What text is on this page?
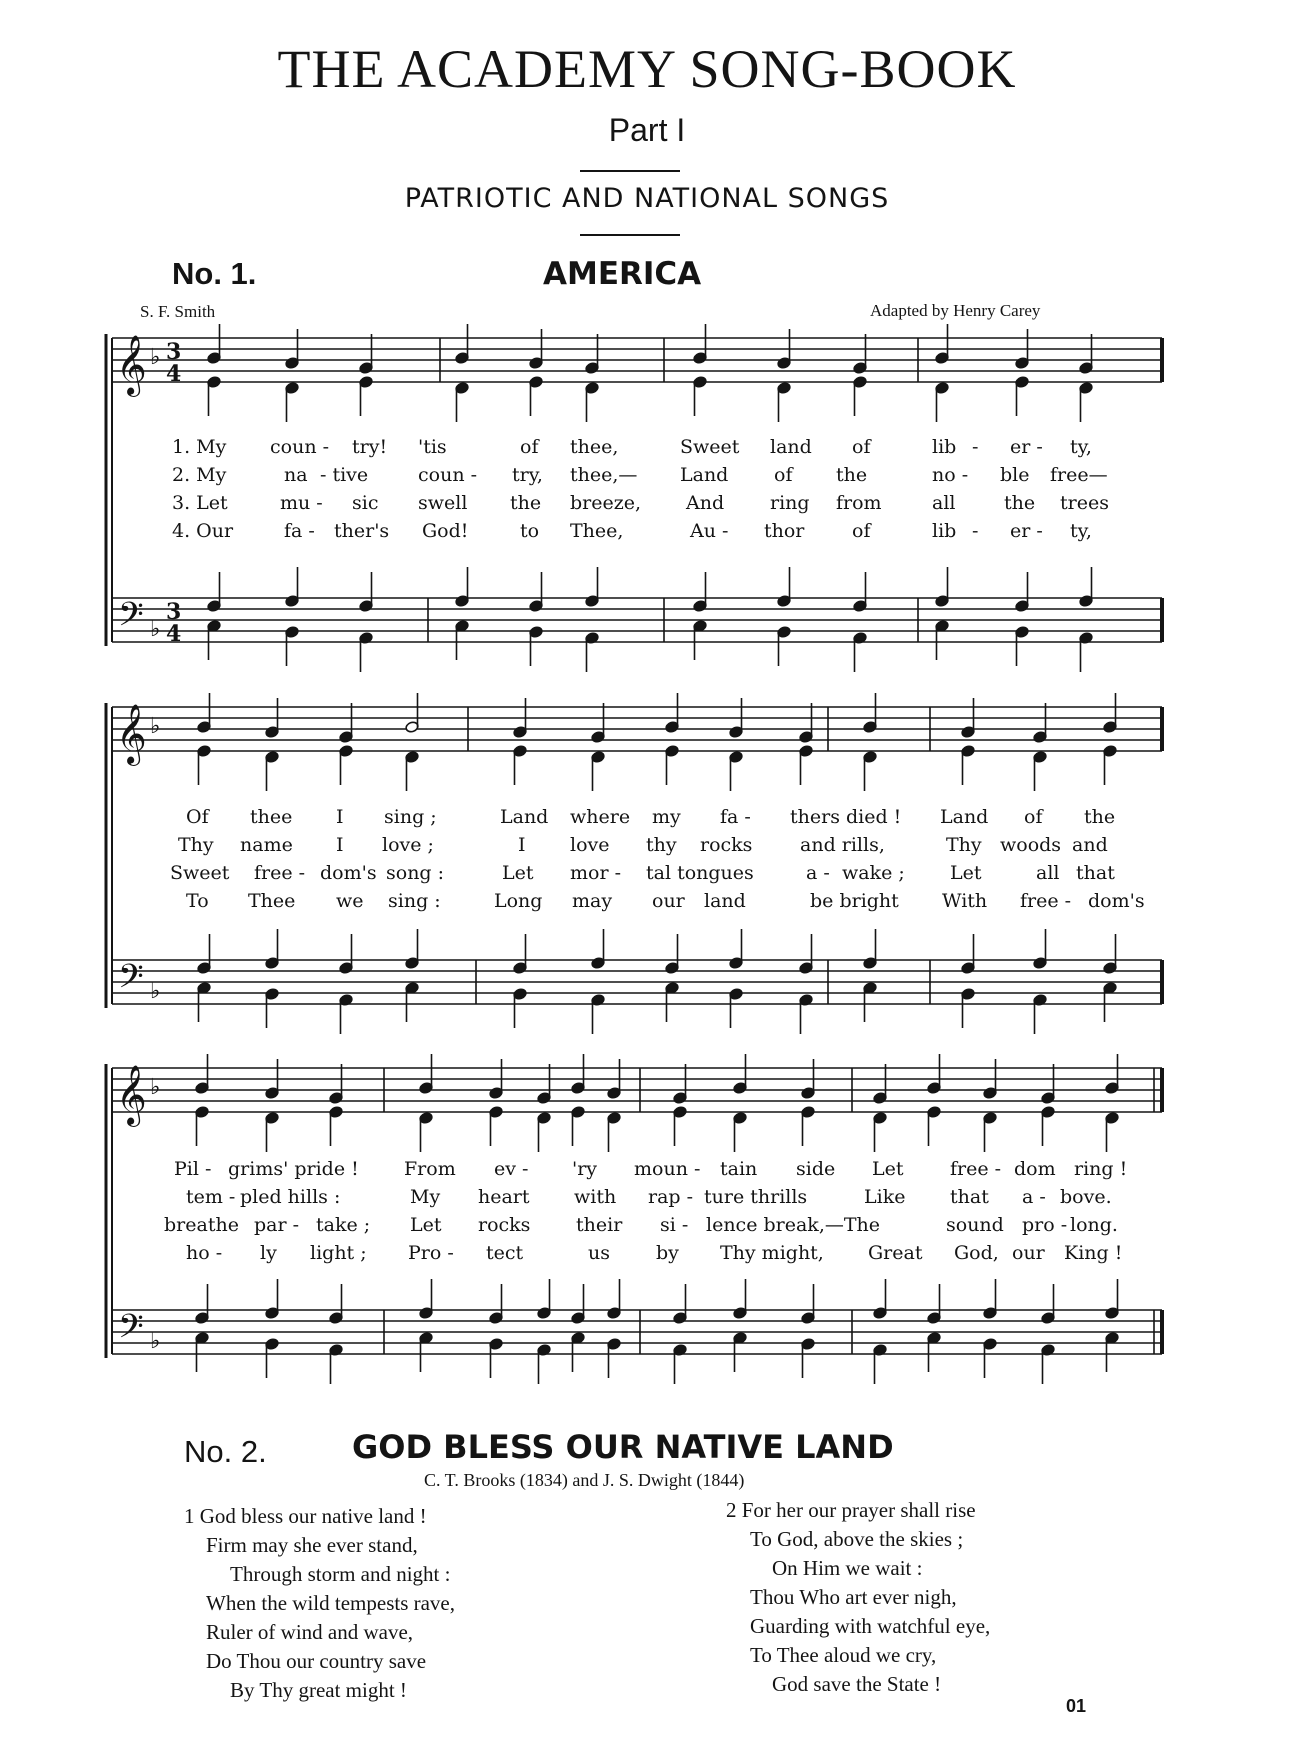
THE ACADEMY SONG-BOOK
Part I
PATRIOTIC AND NATIONAL SONGS
No. 1.	AMERICA
S. F. Smith	Adapted by Henry Carey
𝄞
𝄢
♭
♭
3
4
3
4
𝄞
𝄢
♭
♭
𝄞
𝄢
♭
♭
1. My coun - try! 'tis	of thee,	Sweet land of	lib - er - ty,
2. My	na - tive	coun - try, thee,— Land of the	no - ble free—
3. Let	mu - sic swell the breeze, And ring from	all	the trees
4. Our	fa - ther's God!	to Thee,	Au - thor	of	lib - er - ty,
Of thee I sing ;	Land where my fa - thers died ! Land of the
Thy name I love ;	I love thy rocks	and rills,	Thy woods and
Sweet free - dom's song :	Let mor - tal tongues	a - wake ; Let	all that
To Thee we sing :	Long may our land	be bright With free - dom's
Pil - grims' pride ! From ev - 'ry moun - tain side Let free - dom ring !
tem - pled hills :	My heart with rap - ture thrills	Like that a - bove.
breathe par - take ; Let rocks their si - lence break,—The	sound pro - long.
ho - ly light ; Pro - tect	us by Thy might, Great God, our King !
No. 2.	GOD BLESS OUR NATIVE LAND
C. T. Brooks (1834) and J. S. Dwight (1844)
1 God bless our native land !
Firm may she ever stand,
Through storm and night :
When the wild tempests rave,
Ruler of wind and wave,
Do Thou our country save
By Thy great might !
2 For her our prayer shall rise
To God, above the skies ;
On Him we wait :
Thou Who art ever nigh,
Guarding with watchful eye,
To Thee aloud we cry,
God save the State !
01
